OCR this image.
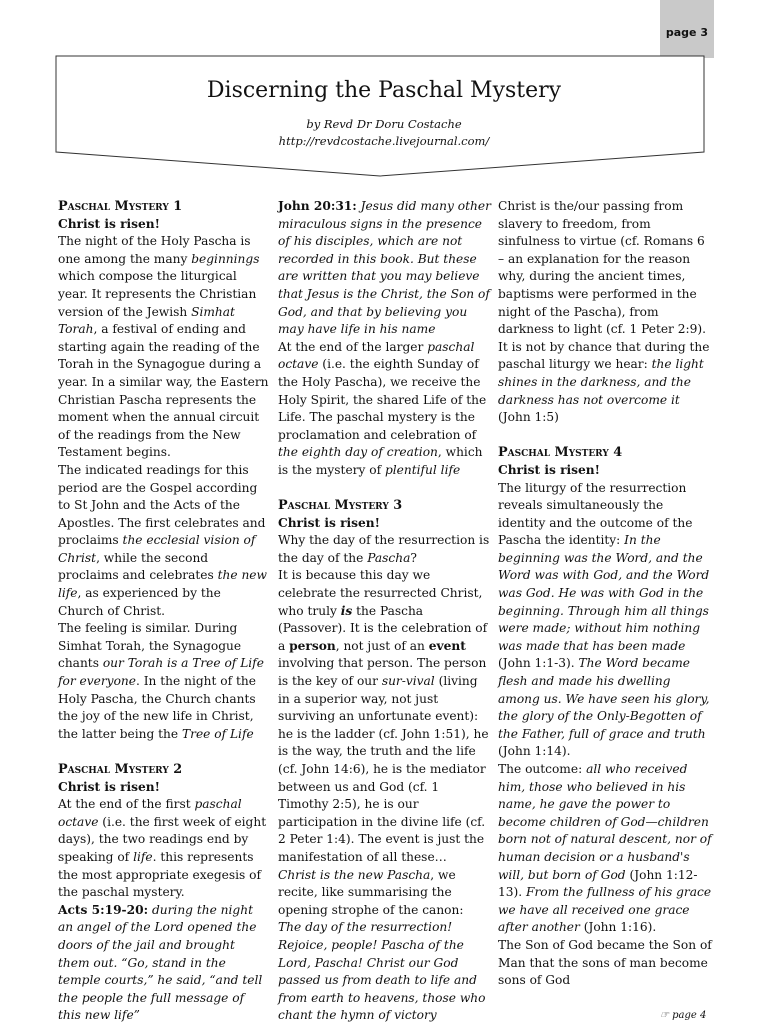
page 3
Discerning the Paschal Mystery
by Revd Dr Doru Costache
http://revdcostache.livejournal.com/

Paschal Mystery 1

Christ is risen!

The night of the Holy Pascha is one among the many beginnings which compose the liturgical year. It represents the Christian version of the Jewish Simhat Torah, a festival of ending and starting again the reading of the Torah in the Synagogue during a year. In a similar way, the Eastern Christian Pascha represents the moment when the annual circuit of the readings from the New Testament begins.

The indicated readings for this period are the Gospel according to St John and the Acts of the Apostles. The first celebrates and proclaims the ecclesial vision of Christ, while the second proclaims and celebrates the new life, as experienced by the Church of Christ.

The feeling is similar. During Simhat Torah, the Synagogue chants our Torah is a Tree of Life for everyone. In the night of the Holy Pascha, the Church chants the joy of the new life in Christ, the latter being the Tree of Life

Paschal Mystery 2

Christ is risen!

At the end of the first paschal octave (i.e. the first week of eight days), the two readings end by speaking of life. this represents the most appropriate exegesis of the paschal mystery.

Acts 5:19-20: during the night an angel of the Lord opened the doors of the jail and brought them out. “Go, stand in the temple courts,” he said, “and tell the people the full message of this new life”

John 20:31: Jesus did many other miraculous signs in the presence of his disciples, which are not recorded in this book. But these are written that you may believe that Jesus is the Christ, the Son of God, and that by believing you may have life in his name

At the end of the larger paschal octave (i.e. the eighth Sunday of the Holy Pascha), we receive the Holy Spirit, the shared Life of the Life. The paschal mystery is the proclamation and celebration of the eighth day of creation, which is the mystery of plentiful life

Paschal Mystery 3

Christ is risen!

Why the day of the resurrection is the day of the Pascha?

It is because this day we celebrate the resurrected Christ, who truly is the Pascha (Passover). It is the celebration of a person, not just of an event involving that person. The person is the key of our sur-vival (living in a superior way, not just surviving an unfortunate event): he is the ladder (cf. John 1:51), he is the way, the truth and the life (cf. John 14:6), he is the mediator between us and God (cf. 1 Timothy 2:5), he is our participation in the divine life (cf. 2 Peter 1:4). The event is just the manifestation of all these…

Christ is the new Pascha, we recite, like summarising the opening strophe of the canon:

The day of the resurrection! Rejoice, people! Pascha of the Lord, Pascha! Christ our God passed us from death to life and from earth to heavens, those who chant the hymn of victory

Christ is the/our passing from slavery to freedom, from sinfulness to virtue (cf. Romans 6 – an explanation for the reason why, during the ancient times, baptisms were performed in the night of the Pascha), from darkness to light (cf. 1 Peter 2:9). It is not by chance that during the paschal liturgy we hear: the light shines in the darkness, and the darkness has not overcome it (John 1:5)

Paschal Mystery 4

Christ is risen!

The liturgy of the resurrection reveals simultaneously the identity and the outcome of the Pascha the identity: In the beginning was the Word, and the Word was with God, and the Word was God. He was with God in the beginning. Through him all things were made; without him nothing was made that has been made (John 1:1-3). The Word became flesh and made his dwelling among us. We have seen his glory, the glory of the Only-Begotten of the Father, full of grace and truth (John 1:14).

The outcome: all who received him, those who believed in his name, he gave the power to become children of God—children born not of natural descent, nor of human decision or a husband's will, but born of God (John 1:12-13). From the fullness of his grace we have all received one grace after another (John 1:16).

The Son of God became the Son of Man that the sons of man become sons of God

☞ page 4
